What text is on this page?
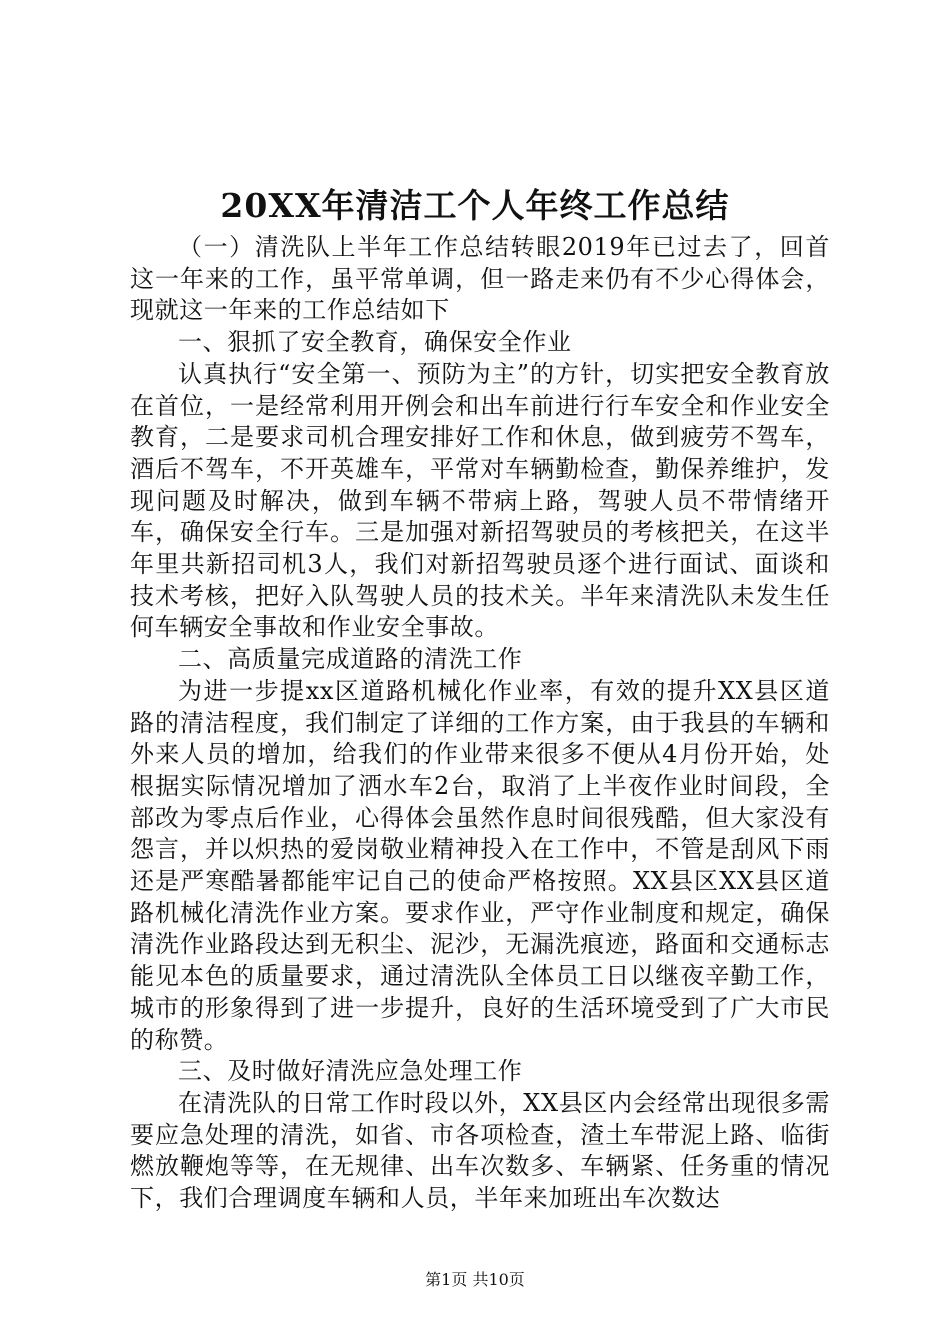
20XX年清洁工个人年终工作总结

（一）清洗队上半年工作总结转眼2019年已过去了，回首这一年来的工作，虽平常单调，但一路走来仍有不少心得体会，现就这一年来的工作总结如下

一、狠抓了安全教育，确保安全作业

认真执行“安全第一、预防为主”的方针，切实把安全教育放在首位，一是经常利用开例会和出车前进行行车安全和作业安全教育，二是要求司机合理安排好工作和休息，做到疲劳不驾车，酒后不驾车，不开英雄车，平常对车辆勤检查，勤保养维护，发现问题及时解决，做到车辆不带病上路，驾驶人员不带情绪开车，确保安全行车。三是加强对新招驾驶员的考核把关，在这半年里共新招司机3人，我们对新招驾驶员逐个进行面试、面谈和技术考核，把好入队驾驶人员的技术关。半年来清洗队未发生任何车辆安全事故和作业安全事故。

二、高质量完成道路的清洗工作

为进一步提xx区道路机械化作业率，有效的提升XX县区道路的清洁程度，我们制定了详细的工作方案，由于我县的车辆和外来人员的增加，给我们的作业带来很多不便从4月份开始，处根据实际情况增加了洒水车2台，取消了上半夜作业时间段，全部改为零点后作业，心得体会虽然作息时间很残酷，但大家没有怨言，并以炽热的爱岗敬业精神投入在工作中，不管是刮风下雨还是严寒酷暑都能牢记自己的使命严格按照。XX县区XX县区道路机械化清洗作业方案。要求作业，严守作业制度和规定，确保清洗作业路段达到无积尘、泥沙，无漏洗痕迹，路面和交通标志能见本色的质量要求，通过清洗队全体员工日以继夜辛勤工作，城市的形象得到了进一步提升，良好的生活环境受到了广大市民的称赞。

三、及时做好清洗应急处理工作

在清洗队的日常工作时段以外，XX县区内会经常出现很多需要应急处理的清洗，如省、市各项检查，渣土车带泥上路、临街燃放鞭炮等等，在无规律、出车次数多、车辆紧、任务重的情况下，我们合理调度车辆和人员，半年来加班出车次数达

第1页 共10页
